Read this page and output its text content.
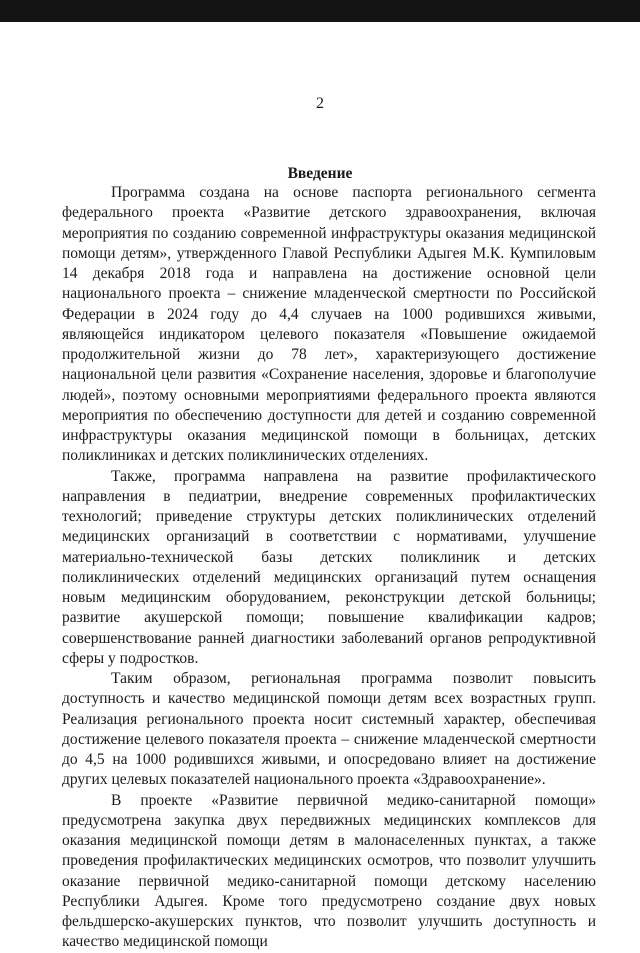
2
Введение

Программа создана на основе паспорта регионального сегмента федерального проекта «Развитие детского здравоохранения, включая мероприятия по созданию современной инфраструктуры оказания медицинской помощи детям», утвержденного Главой Республики Адыгея М.К. Кумпиловым 14 декабря 2018 года и направлена на достижение основной цели национального проекта – снижение младенческой смертности по Российской Федерации в 2024 году до 4,4 случаев на 1000 родившихся живыми, являющейся индикатором целевого показателя «Повышение ожидаемой продолжительной жизни до 78 лет», характеризующего достижение национальной цели развития «Сохранение населения, здоровье и благополучие людей», поэтому основными мероприятиями федерального проекта являются мероприятия по обеспечению доступности для детей и созданию современной инфраструктуры оказания медицинской помощи в больницах, детских поликлиниках и детских поликлинических отделениях.

Также, программа направлена на развитие профилактического направления в педиатрии, внедрение современных профилактических технологий; приведение структуры детских поликлинических отделений медицинских организаций в соответствии с нормативами, улучшение материально-технической базы детских поликлиник и детских поликлинических отделений медицинских организаций путем оснащения новым медицинским оборудованием, реконструкции детской больницы; развитие акушерской помощи; повышение квалификации кадров; совершенствование ранней диагностики заболеваний органов репродуктивной сферы у подростков.

Таким образом, региональная программа позволит повысить доступность и качество медицинской помощи детям всех возрастных групп. Реализация регионального проекта носит системный характер, обеспечивая достижение целевого показателя проекта – снижение младенческой смертности до 4,5 на 1000 родившихся живыми, и опосредовано влияет на достижение других целевых показателей национального проекта «Здравоохранение».

В проекте «Развитие первичной медико-санитарной помощи» предусмотрена закупка двух передвижных медицинских комплексов для оказания медицинской помощи детям в малонаселенных пунктах, а также проведения профилактических медицинских осмотров, что позволит улучшить оказание первичной медико-санитарной помощи детскому населению Республики Адыгея. Кроме того предусмотрено создание двух новых фельдшерско-акушерских пунктов, что позволит улучшить доступность и качество медицинской помощи
